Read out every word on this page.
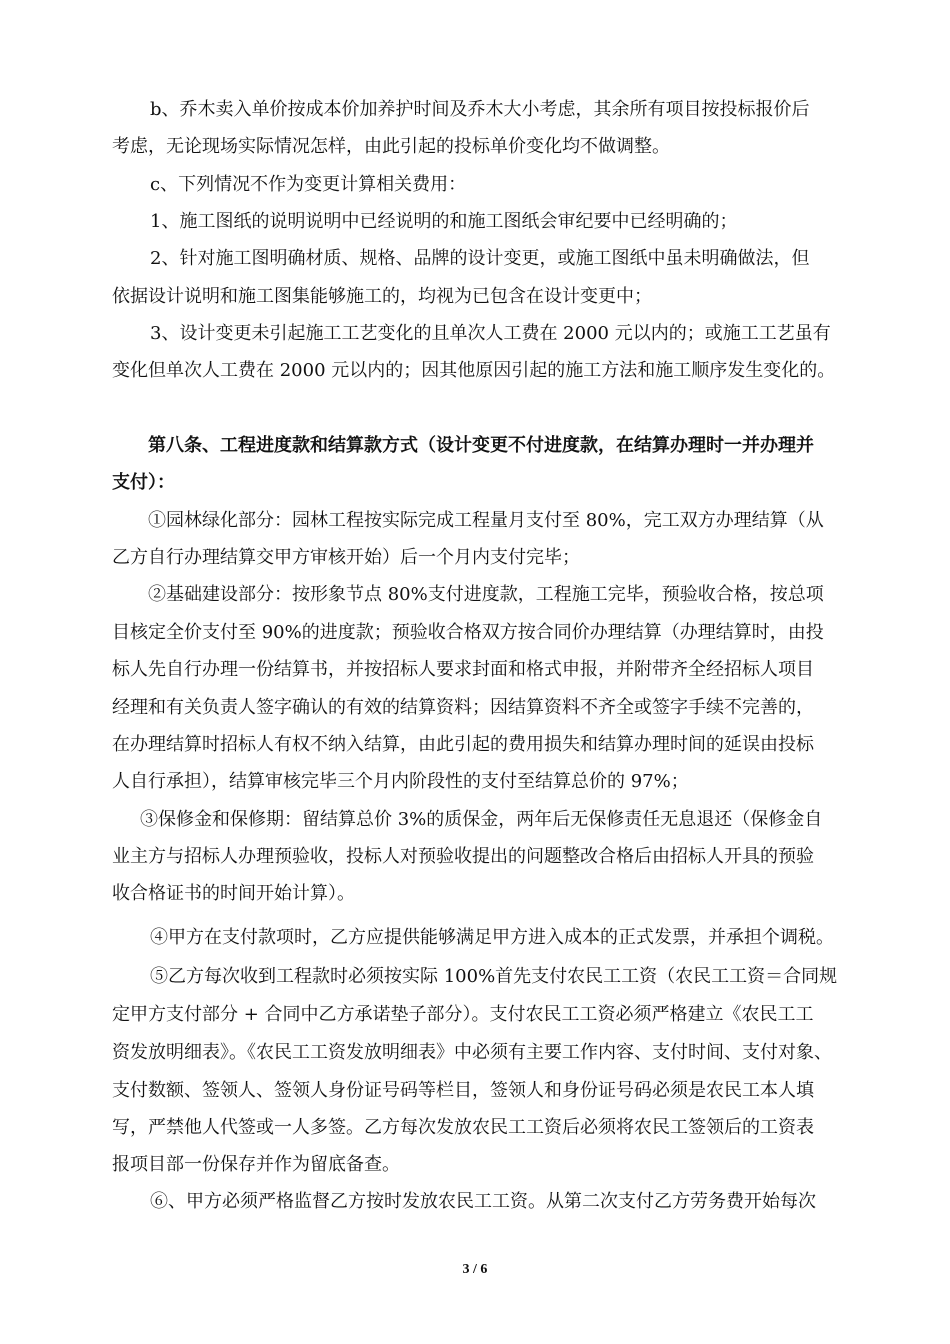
b、乔木卖入单价按成本价加养护时间及乔木大小考虑，其余所有项目按投标报价后
考虑，无论现场实际情况怎样，由此引起的投标单价变化均不做调整。
c、下列情况不作为变更计算相关费用：
1、施工图纸的说明说明中已经说明的和施工图纸会审纪要中已经明确的；
2、针对施工图明确材质、规格、品牌的设计变更，或施工图纸中虽未明确做法，但
依据设计说明和施工图集能够施工的，均视为已包含在设计变更中；
3、设计变更未引起施工工艺变化的且单次人工费在 2000 元以内的；或施工工艺虽有
变化但单次人工费在 2000 元以内的；因其他原因引起的施工方法和施工顺序发生变化的。
第八条、工程进度款和结算款方式（设计变更不付进度款，在结算办理时一并办理并
支付）：
①园林绿化部分：园林工程按实际完成工程量月支付至 80%，完工双方办理结算（从
乙方自行办理结算交甲方审核开始）后一个月内支付完毕；
②基础建设部分：按形象节点 80%支付进度款，工程施工完毕，预验收合格，按总项
目核定全价支付至 90%的进度款；预验收合格双方按合同价办理结算（办理结算时，由投
标人先自行办理一份结算书，并按招标人要求封面和格式申报，并附带齐全经招标人项目
经理和有关负责人签字确认的有效的结算资料；因结算资料不齐全或签字手续不完善的，
在办理结算时招标人有权不纳入结算，由此引起的费用损失和结算办理时间的延误由投标
人自行承担），结算审核完毕三个月内阶段性的支付至结算总价的 97%；
③保修金和保修期：留结算总价 3%的质保金，两年后无保修责任无息退还（保修金自
业主方与招标人办理预验收，投标人对预验收提出的问题整改合格后由招标人开具的预验
收合格证书的时间开始计算）。
④甲方在支付款项时，乙方应提供能够满足甲方进入成本的正式发票，并承担个调税。
⑤乙方每次收到工程款时必须按实际 100%首先支付农民工工资（农民工工资＝合同规
定甲方支付部分 + 合同中乙方承诺垫子部分）。支付农民工工资必须严格建立《农民工工
资发放明细表》。《农民工工资发放明细表》中必须有主要工作内容、支付时间、支付对象、
支付数额、签领人、签领人身份证号码等栏目，签领人和身份证号码必须是农民工本人填
写，严禁他人代签或一人多签。乙方每次发放农民工工资后必须将农民工签领后的工资表
报项目部一份保存并作为留底备查。
⑥、甲方必须严格监督乙方按时发放农民工工资。从第二次支付乙方劳务费开始每次
3 / 6
